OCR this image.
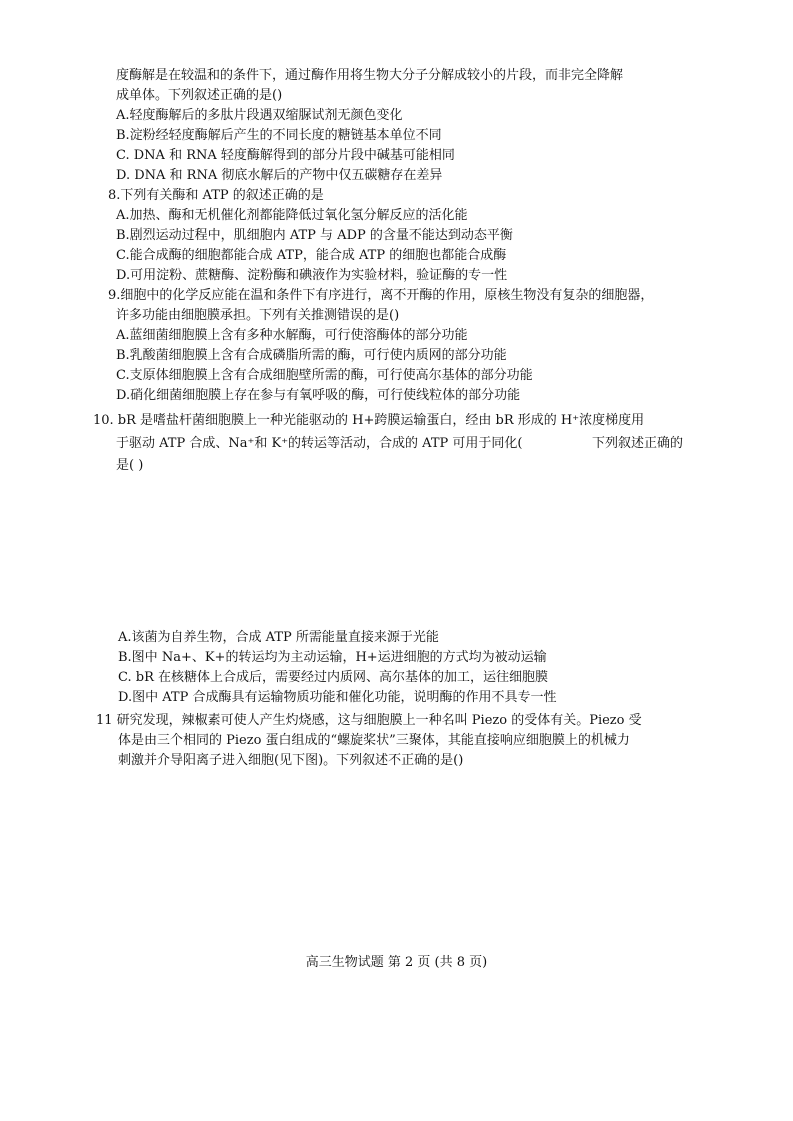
度酶解是在较温和的条件下，通过酶作用将生物大分子分解成较小的片段，而非完全降解
成单体。下列叙述正确的是()
A.轻度酶解后的多肽片段遇双缩脲试剂无颜色变化
B.淀粉经轻度酶解后产生的不同长度的糖链基本单位不同
C. DNA 和 RNA 轻度酶解得到的部分片段中碱基可能相同
D. DNA 和 RNA 彻底水解后的产物中仅五碳糖存在差异
8.下列有关酶和 ATP 的叙述正确的是
A.加热、酶和无机催化剂都能降低过氧化氢分解反应的活化能
B.剧烈运动过程中，肌细胞内 ATP 与 ADP 的含量不能达到动态平衡
C.能合成酶的细胞都能合成 ATP，能合成 ATP 的细胞也都能合成酶
D.可用淀粉、蔗糖酶、淀粉酶和碘液作为实验材料，验证酶的专一性
9.细胞中的化学反应能在温和条件下有序进行，离不开酶的作用，原核生物没有复杂的细胞器，
许多功能由细胞膜承担。下列有关推测错误的是()
A.蓝细菌细胞膜上含有多种水解酶，可行使溶酶体的部分功能
B.乳酸菌细胞膜上含有合成磷脂所需的酶，可行使内质网的部分功能
C.支原体细胞膜上含有合成细胞壁所需的酶，可行使高尔基体的部分功能
D.硝化细菌细胞膜上存在参与有氧呼吸的酶，可行使线粒体的部分功能
10. bR 是嗜盐杆菌细胞膜上一种光能驱动的 H+跨膜运输蛋白，经由 bR 形成的 H⁺浓度梯度用
于驱动 ATP 合成、Na⁺和 K⁺的转运等活动，合成的 ATP 可用于同化(	下列叙述正确的
是( )
A.该菌为自养生物，合成 ATP 所需能量直接来源于光能
B.图中 Na+、K+的转运均为主动运输，H+运进细胞的方式均为被动运输
C. bR 在核糖体上合成后，需要经过内质网、高尔基体的加工，运往细胞膜
D.图中 ATP 合成酶具有运输物质功能和催化功能，说明酶的作用不具专一性
11 研究发现，辣椒素可使人产生灼烧感，这与细胞膜上一种名叫 Piezo 的受体有关。Piezo 受
体是由三个相同的 Piezo 蛋白组成的“螺旋桨状”三聚体，其能直接响应细胞膜上的机械力
刺激并介导阳离子进入细胞(见下图)。下列叙述不正确的是()
高三生物试题 第 2 页 (共 8 页)
